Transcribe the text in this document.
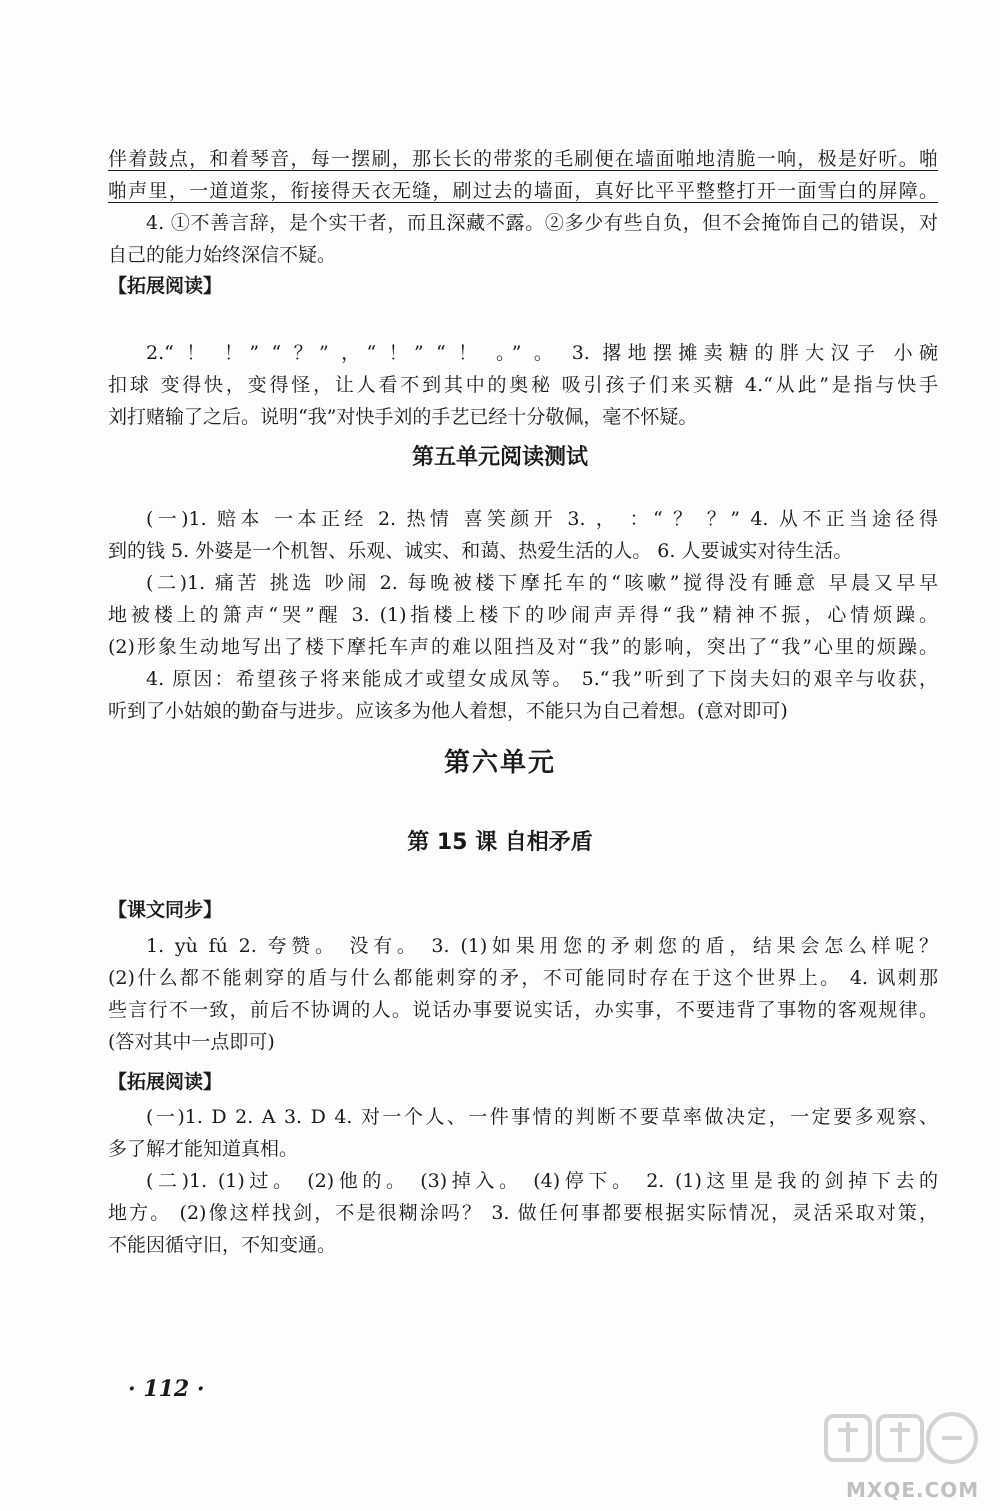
伴着鼓点，和着琴音，每一摆刷，那长长的带浆的毛刷便在墙面啪地清脆一响，极是好听。啪

啪声里，一道道浆，衔接得天衣无缝，刷过去的墙面，真好比平平整整打开一面雪白的屏障。

4. ①不善言辞，是个实干者，而且深藏不露。②多少有些自负，但不会掩饰自己的错误，对

自己的能力始终深信不疑。

【拓展阅读】

2.“ ！ ！” “ ？” ，“ ！” “ ！ 。” 。 3. 撂地摆摊卖糖的胖大汉子 小碗

扣球 变得快，变得怪，让人看不到其中的奥秘 吸引孩子们来买糖 4.“从此”是指与快手

刘打赌输了之后。说明“我”对快手刘的手艺已经十分敬佩，毫不怀疑。

第五单元阅读测试

(一)1. 赔本 一本正经 2. 热情 喜笑颜开 3. ， ：“ ？ ？” 4. 从不正当途径得

到的钱 5. 外婆是一个机智、乐观、诚实、和蔼、热爱生活的人。 6. 人要诚实对待生活。

(二)1. 痛苦 挑选 吵闹 2. 每晚被楼下摩托车的“咳嗽”搅得没有睡意 早晨又早早

地被楼上的箫声“哭”醒 3. (1)指楼上楼下的吵闹声弄得“我”精神不振，心情烦躁。

(2)形象生动地写出了楼下摩托车声的难以阻挡及对“我”的影响，突出了“我”心里的烦躁。

4. 原因：希望孩子将来能成才或望女成凤等。 5.“我”听到了下岗夫妇的艰辛与收获，

听到了小姑娘的勤奋与进步。应该多为他人着想，不能只为自己着想。(意对即可)

第六单元

第 15 课 自相矛盾

【课文同步】

1. yù fú 2. 夸赞。 没有。 3. (1)如果用您的矛刺您的盾，结果会怎么样呢？

(2)什么都不能刺穿的盾与什么都能刺穿的矛，不可能同时存在于这个世界上。 4. 讽刺那

些言行不一致，前后不协调的人。说话办事要说实话，办实事，不要违背了事物的客观规律。

(答对其中一点即可)

【拓展阅读】

(一)1. D 2. A 3. D 4. 对一个人、一件事情的判断不要草率做决定，一定要多观察、

多了解才能知道真相。

(二)1. (1)过。 (2)他的。 (3)掉入。 (4)停下。 2. (1)这里是我的剑掉下去的

地方。 (2)像这样找剑，不是很糊涂吗？ 3. 做任何事都要根据实际情况，灵活采取对策，

不能因循守旧，不知变通。

· 112 ·

MXQE.COM
